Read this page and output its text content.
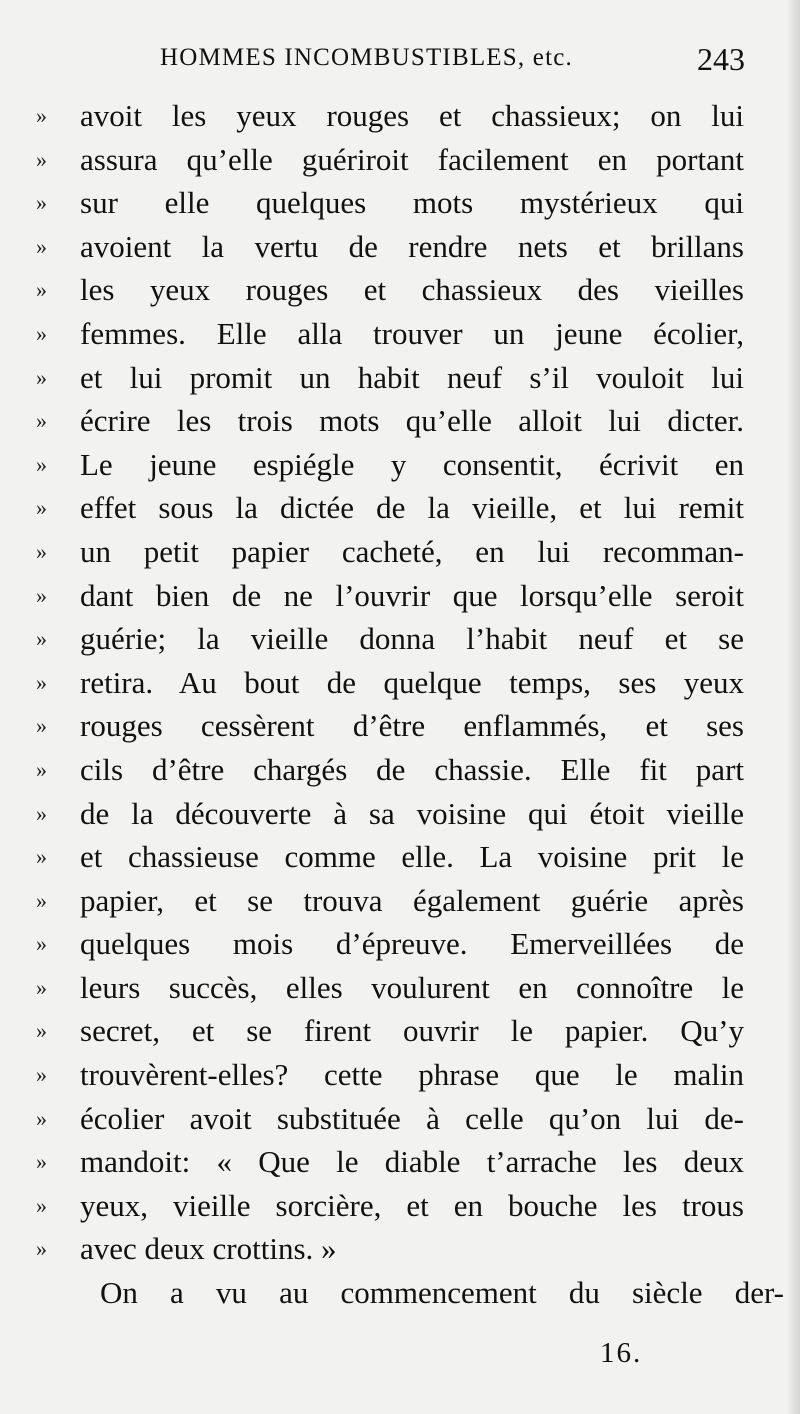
HOMMES INCOMBUSTIBLES, etc.	243
»	avoit les yeux rouges et chassieux; on lui
»	assura qu’elle guériroit facilement en portant
»	sur elle quelques mots mystérieux qui
»	avoient la vertu de rendre nets et brillans
»	les yeux rouges et chassieux des vieilles
»	femmes. Elle alla trouver un jeune écolier,
»	et lui promit un habit neuf s’il vouloit lui
»	écrire les trois mots qu’elle alloit lui dicter.
»	Le jeune espiégle y consentit, écrivit en
»	effet sous la dictée de la vieille, et lui remit
»	un petit papier cacheté, en lui recomman-
»	dant bien de ne l’ouvrir que lorsqu’elle seroit
»	guérie; la vieille donna l’habit neuf et se
»	retira. Au bout de quelque temps, ses yeux
»	rouges cessèrent d’être enflammés, et ses
»	cils d’être chargés de chassie. Elle fit part
»	de la découverte à sa voisine qui étoit vieille
»	et chassieuse comme elle. La voisine prit le
»	papier, et se trouva également guérie après
»	quelques mois d’épreuve. Emerveillées de
»	leurs succès, elles voulurent en connoître le
»	secret, et se firent ouvrir le papier. Qu’y
»	trouvèrent-elles? cette phrase que le malin
»	écolier avoit substituée à celle qu’on lui de-
»	mandoit: « Que le diable t’arrache les deux
»	yeux, vieille sorcière, et en bouche les trous
»	avec deux crottins. »
On a vu au commencement du siècle der-
16.
